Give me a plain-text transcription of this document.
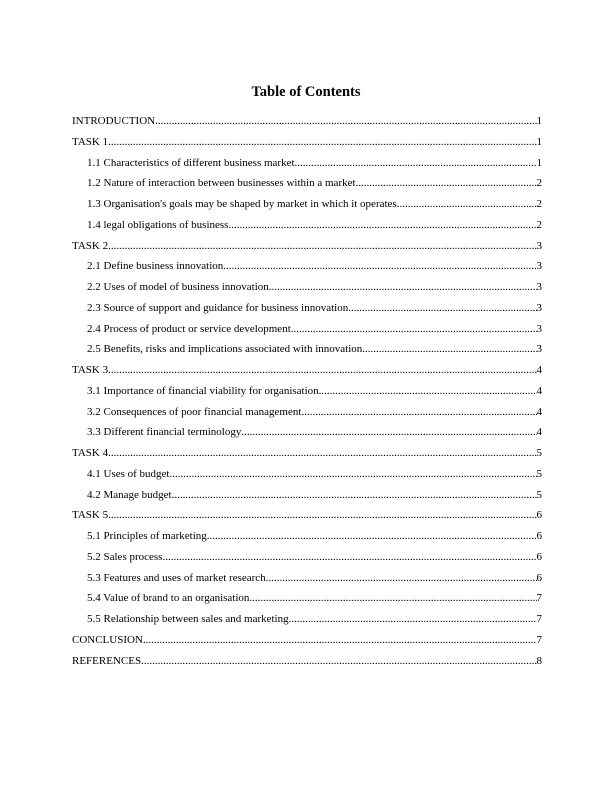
Table of Contents
INTRODUCTION .....	1
TASK 1 .....	1
1.1 Characteristics of different business market .....	1
1.2 Nature of interaction between businesses within a market .....	2
1.3 Organisation's goals may be shaped by market in which it operates .....	2
1.4 legal obligations of business .....	2
TASK 2 .....	3
2.1 Define business innovation .....	3
2.2 Uses of model of business innovation .....	3
2.3 Source of support and guidance for business innovation .....	3
2.4 Process of product or service development .....	3
2.5 Benefits, risks and implications associated with innovation .....	3
TASK 3 .....	4
3.1 Importance of financial viability for organisation .....	4
3.2 Consequences of poor financial management .....	4
3.3 Different financial terminology .....	4
TASK 4 .....	5
4.1 Uses of budget .....	5
4.2 Manage budget .....	5
TASK 5 .....	6
5.1 Principles of marketing .....	6
5.2 Sales process .....	6
5.3 Features and uses of market research .....	6
5.4 Value of brand to an organisation .....	7
5.5 Relationship between sales and marketing .....	7
CONCLUSION .....	7
REFERENCES .....	8
